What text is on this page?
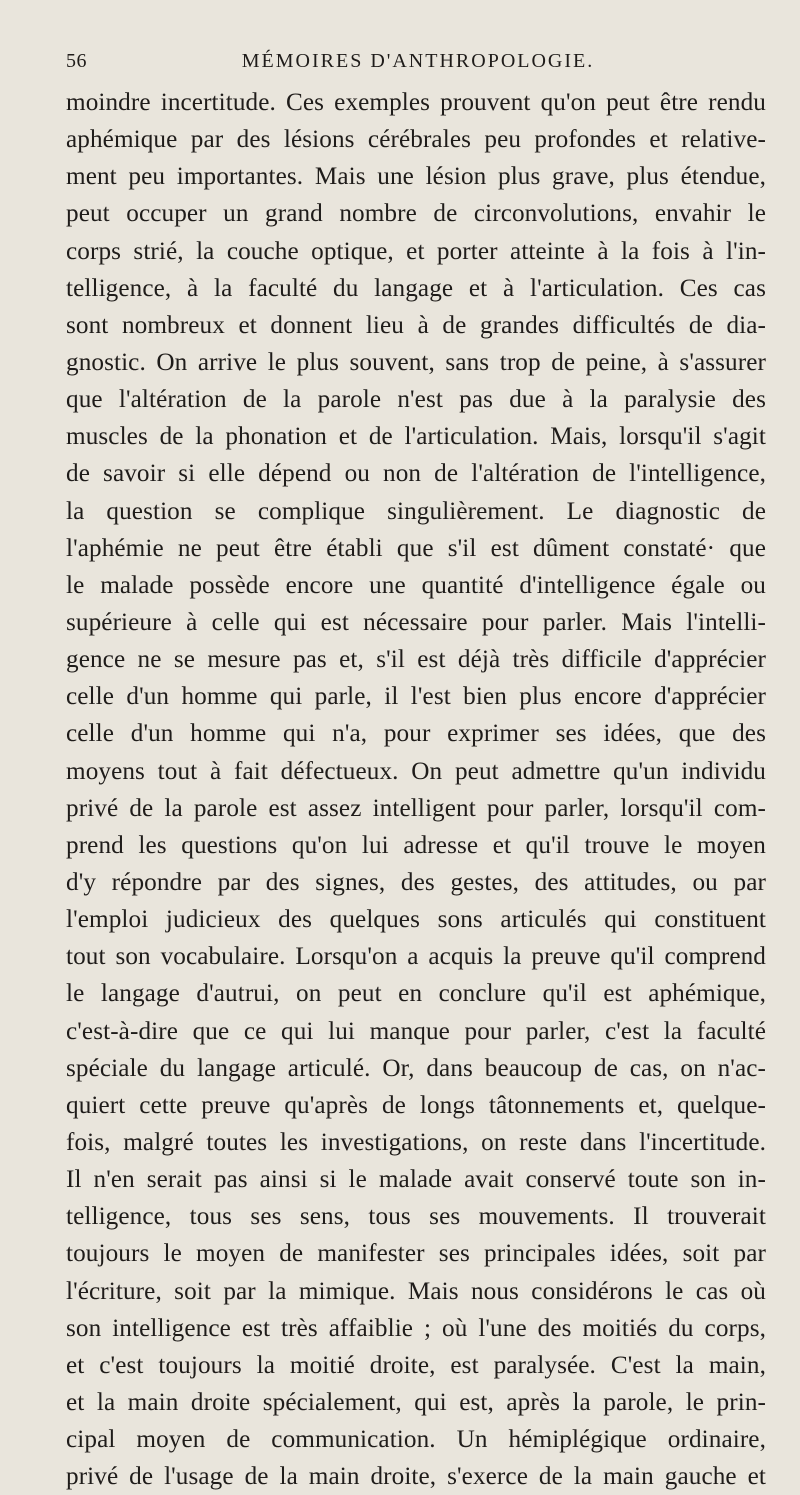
56	MÉMOIRES D'ANTHROPOLOGIE.
moindre incertitude. Ces exemples prouvent qu'on peut être rendu
aphémique par des lésions cérébrales peu profondes et relative-
ment peu importantes. Mais une lésion plus grave, plus étendue,
peut occuper un grand nombre de circonvolutions, envahir le
corps strié, la couche optique, et porter atteinte à la fois à l'in-
telligence, à la faculté du langage et à l'articulation. Ces cas
sont nombreux et donnent lieu à de grandes difficultés de dia-
gnostic. On arrive le plus souvent, sans trop de peine, à s'assurer
que l'altération de la parole n'est pas due à la paralysie des
muscles de la phonation et de l'articulation. Mais, lorsqu'il s'agit
de savoir si elle dépend ou non de l'altération de l'intelligence,
la question se complique singulièrement. Le diagnostic de
l'aphémie ne peut être établi que s'il est dûment constaté· que
le malade possède encore une quantité d'intelligence égale ou
supérieure à celle qui est nécessaire pour parler. Mais l'intelli-
gence ne se mesure pas et, s'il est déjà très difficile d'apprécier
celle d'un homme qui parle, il l'est bien plus encore d'apprécier
celle d'un homme qui n'a, pour exprimer ses idées, que des
moyens tout à fait défectueux. On peut admettre qu'un individu
privé de la parole est assez intelligent pour parler, lorsqu'il com-
prend les questions qu'on lui adresse et qu'il trouve le moyen
d'y répondre par des signes, des gestes, des attitudes, ou par
l'emploi judicieux des quelques sons articulés qui constituent
tout son vocabulaire. Lorsqu'on a acquis la preuve qu'il comprend
le langage d'autrui, on peut en conclure qu'il est aphémique,
c'est-à-dire que ce qui lui manque pour parler, c'est la faculté
spéciale du langage articulé. Or, dans beaucoup de cas, on n'ac-
quiert cette preuve qu'après de longs tâtonnements et, quelque-
fois, malgré toutes les investigations, on reste dans l'incertitude.
Il n'en serait pas ainsi si le malade avait conservé toute son in-
telligence, tous ses sens, tous ses mouvements. Il trouverait
toujours le moyen de manifester ses principales idées, soit par
l'écriture, soit par la mimique. Mais nous considérons le cas où
son intelligence est très affaiblie ; où l'une des moitiés du corps,
et c'est toujours la moitié droite, est paralysée. C'est la main,
et la main droite spécialement, qui est, après la parole, le prin-
cipal moyen de communication. Un hémiplégique ordinaire,
privé de l'usage de la main droite, s'exerce de la main gauche et
